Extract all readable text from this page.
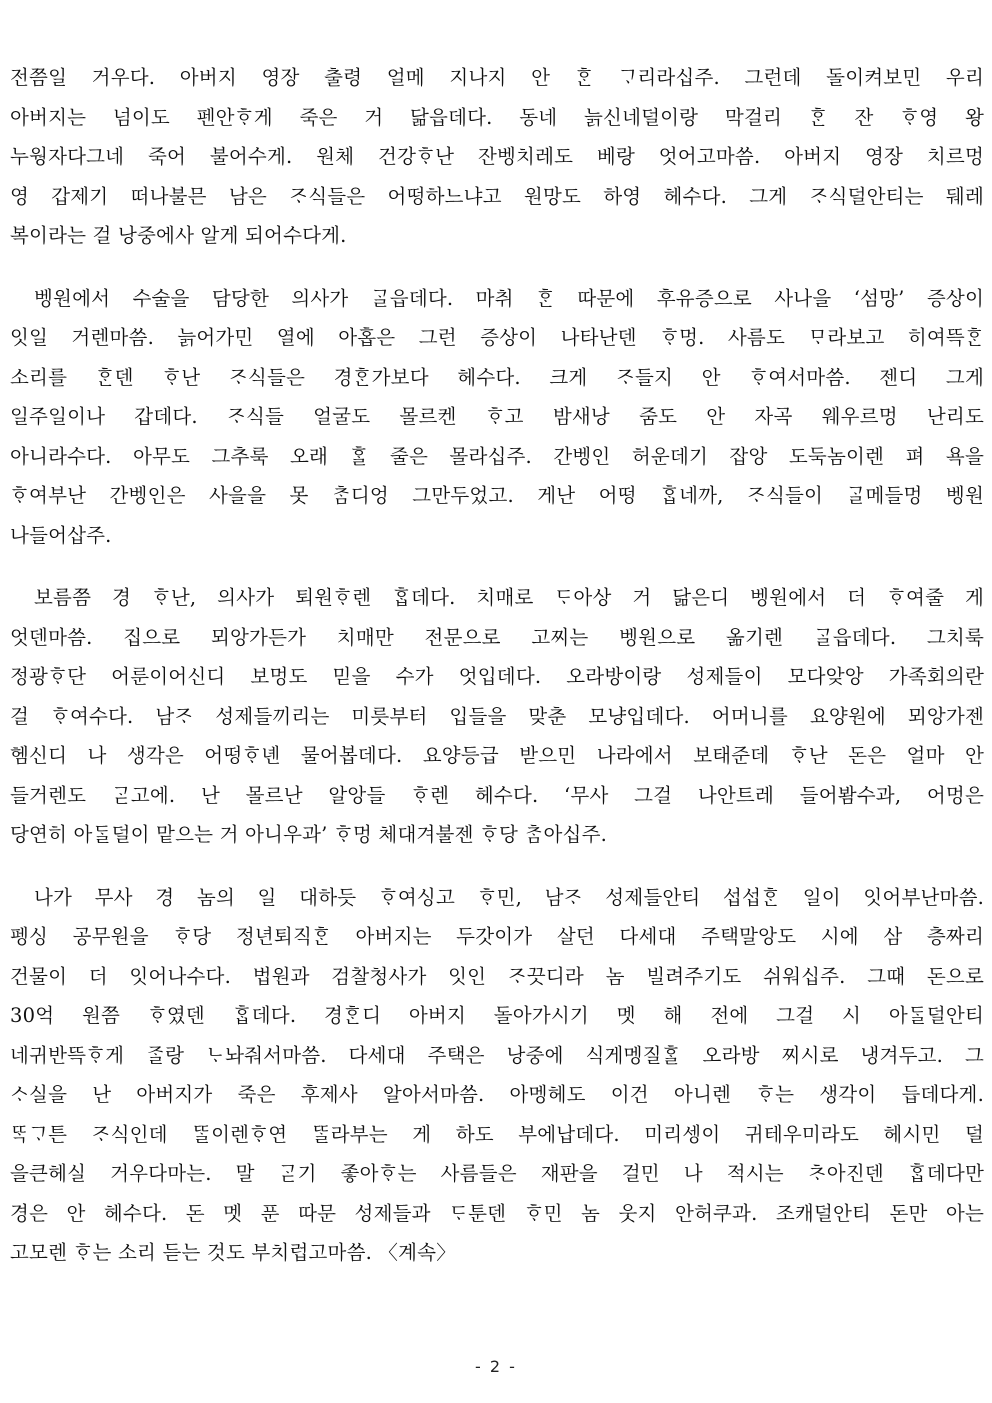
전쯤일 거우다. 아버지 영장 출령 얼메 지나지 안 ᄒᆞᆫ ᄀᆞ리라십주. 그런데 돌이켜보민 우리
아버지는 넘이도 펜안ᄒᆞ게 죽은 거 닮읍데다. 동네 늙신네덜이랑 막걸리 ᄒᆞᆫ 잔 ᄒᆞ영 왕
누웡자다그네 죽어 불어수게. 원체 건강ᄒᆞ난 잔벵치레도 베랑 엇어고마씀. 아버지 영장 치르멍
영 갑제기 떠나불믄 남은 ᄌᆞ식들은 어떵하느냐고 원망도 하영 헤수다. 그게 ᄌᆞ식덜안티는 뒈레
복이라는 걸 낭중에사 알게 되어수다게.
벵원에서 수술을 담당한 의사가 ᄀᆞᆯ읍데다. 마취 ᄒᆞᆫ 따문에 후유증으로 사나을 ‘섬망’ 증상이
잇일 거렌마씀. 늙어가민 열에 아홉은 그런 증상이 나타난덴 ᄒᆞ멍. 사름도 ᄆᆞ라보고 히여뜩ᄒᆞᆫ
소리를 ᄒᆞᆫ덴 ᄒᆞ난 ᄌᆞ식들은 경ᄒᆞᆫ가보다 헤수다. 크게 ᄌᆞ들지 안 ᄒᆞ여서마씀. 젠디 그게
일주일이나 갑데다. ᄌᆞ식들 얼굴도 몰르켄 ᄒᆞ고 밤새낭 줌도 안 자곡 웨우르멍 난리도
아니라수다. 아무도 그추룩 오래 ᄒᆞᆯ 줄은 몰라십주. 간벵인 허운데기 잡앙 도둑놈이렌 펴 욕을
ᄒᆞ여부난 간벵인은 사을을 못 ᄎᆞᆷ디엉 그만두었고. 게난 어떵 ᄒᆞᆸ네까, ᄌᆞ식들이 ᄀᆞᆯ메들멍 벵원
나들어삽주.
보름쯤 경 ᄒᆞ난, 의사가 퇴원ᄒᆞ렌 ᄒᆞᆸ데다. 치매로 ᄃᆞ아상 거 닮은디 벵원에서 더 ᄒᆞ여줄 게
엇덴마씀. 집으로 뫼앙가든가 치매만 전문으로 고찌는 벵원으로 옮기렌 ᄀᆞᆯ읍데다. 그치룩
정광ᄒᆞ단 어룬이어신디 보멍도 믿을 수가 엇입데다. 오라방이랑 성제들이 모다앚앙 가족회의란
걸 ᄒᆞ여수다. 남ᄌᆞ 성제들끼리는 미릇부터 입들을 맞춘 모냥입데다. 어머니를 요양원에 뫼앙가젠
헴신디 나 생각은 어떵ᄒᆞ녠 물어봅데다. 요양등급 받으민 나라에서 보태준데 ᄒᆞ난 돈은 얼마 안
들거렌도 ᄀᆞᆮ고에. 난 몰르난 알앙들 ᄒᆞ렌 헤수다. ‘무사 그걸 나안트레 들어봠수과, 어멍은
당연히 아ᄃᆞᆯ덜이 맡으는 거 아니우과’ ᄒᆞ멍 체대겨불젠 ᄒᆞ당 ᄎᆞᆷ아십주.
나가 무사 경 놈의 일 대하듯 ᄒᆞ여싱고 ᄒᆞ민, 남ᄌᆞ 성제들안티 섭섭ᄒᆞᆫ 일이 잇어부난마씀.
펭싱 공무원을 ᄒᆞ당 정년퇴직ᄒᆞᆫ 아버지는 두갓이가 살던 다세대 주택말앙도 시에 삼 층짜리
건물이 더 잇어나수다. 법원과 검찰청사가 잇인 ᄌᆞ끗디라 놈 빌려주기도 쉬워십주. 그때 돈으로
30억 원쯤 ᄒᆞ였덴 ᄒᆞᆸ데다. 경ᄒᆞᆫ디 아버지 돌아가시기 멧 해 전에 그걸 시 아ᄃᆞᆯ덜안티
네귀반뜩ᄒᆞ게 ᄌᆞᆯ랑 ᄂᆞ놔줘서마씀. 다세대 주택은 낭중에 식게멩질ᄒᆞᆯ 오라방 찌시로 냉겨두고. 그
ᄉᆞ실을 난 아버지가 죽은 후제사 알아서마씀. 아멩헤도 이건 아니렌 ᄒᆞ는 생각이 듭데다게.
ᄄᆞᆨᄀᆞ튼 ᄌᆞ식인데 ᄄᆞᆯ이렌ᄒᆞ연 ᄄᆞᆯ라부는 게 하도 부에납데다. 미리셍이 귀테우미라도 헤시민 덜
을큰헤실 거우다마는. 말 ᄀᆞᆮ기 좋아ᄒᆞ는 사름들은 재판을 걸민 나 적시는 ᄎᆞ아진덴 ᄒᆞᆸ데다만
경은 안 헤수다. 돈 멧 푼 따문 성제들과 ᄃᆞ툰덴 ᄒᆞ민 놈 웃지 안허쿠과. 조캐덜안티 돈만 아는
고모렌 ᄒᆞ는 소리 듣는 것도 부치럽고마씀. 〈계속〉
- 2 -
